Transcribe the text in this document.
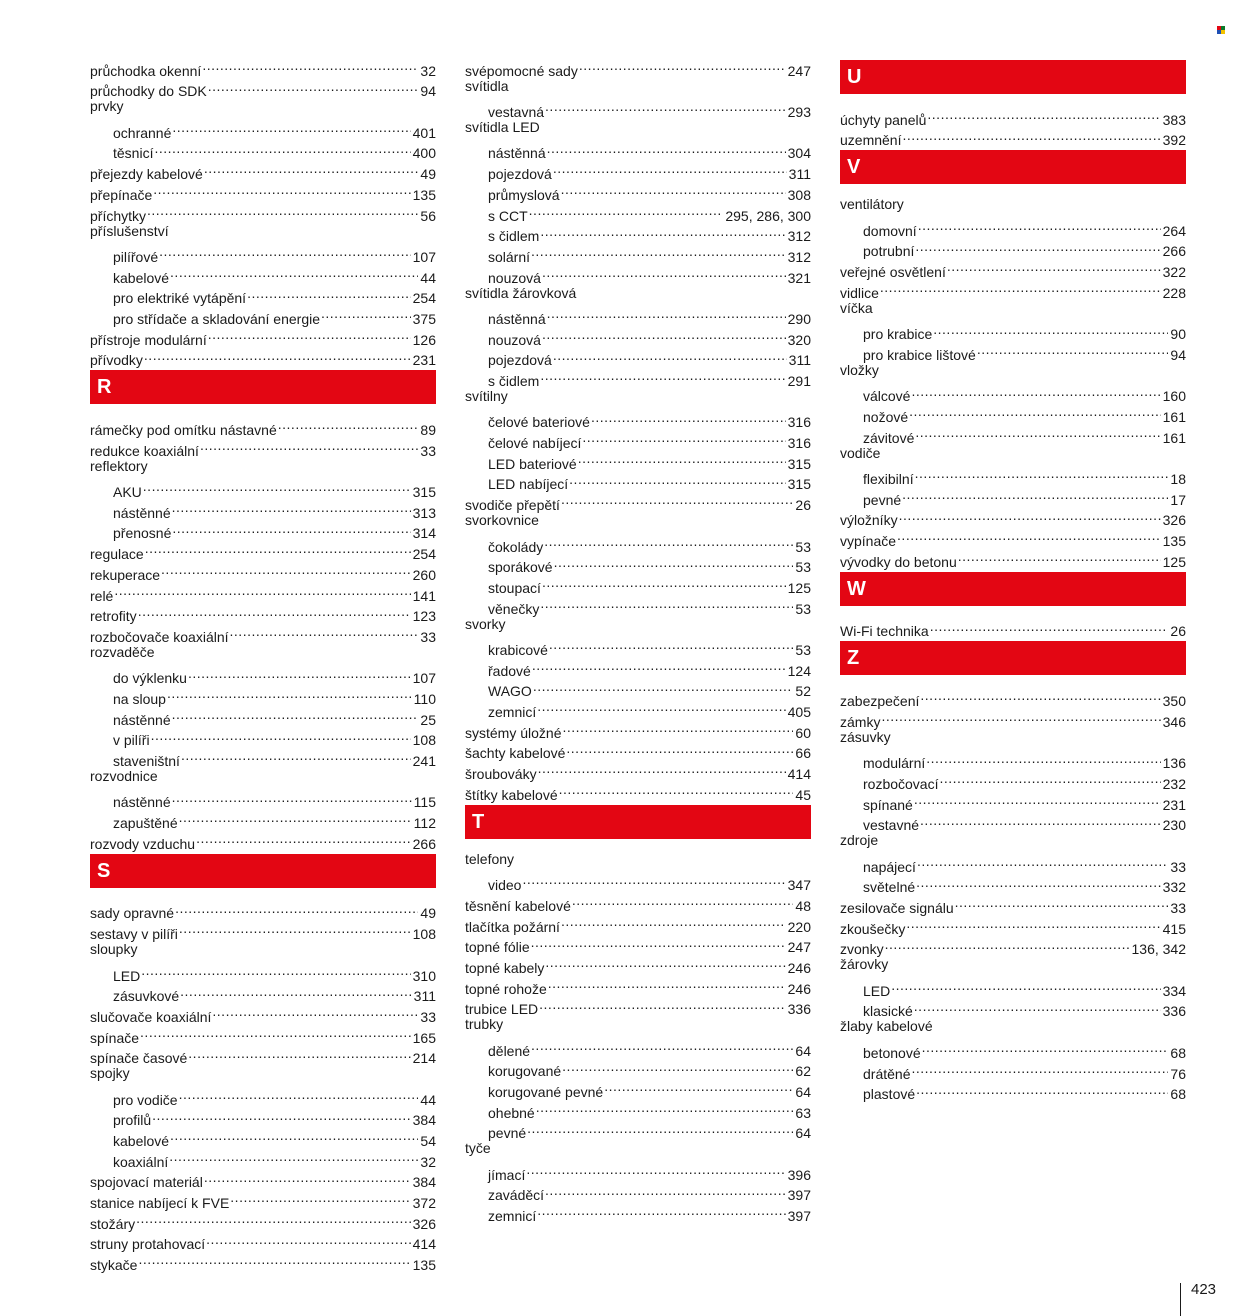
průchodka okenní .....	32
průchodky do SDK .....	94
prvky
ochranné .....	401
těsnicí .....	400
přejezdy kabelové .....	49
přepínače .....	135
příchytky .....	56
příslušenství
pilířové .....	107
kabelové .....	44
pro elektriké vytápění .....	254
pro střídače a skladování energie .....	375
přístroje modulární .....	126
přívodky .....	231
R
rámečky pod omítku nástavné .....	89
redukce koaxiální .....	33
reflektory
AKU .....	315
nástěnné .....	313
přenosné .....	314
regulace .....	254
rekuperace .....	260
relé .....	141
retrofity .....	123
rozbočovače koaxiální .....	33
rozvaděče
do výklenku .....	107
na sloup .....	110
nástěnné .....	25
v pilíři .....	108
staveništní .....	241
rozvodnice
nástěnné .....	115
zapuštěné .....	112
rozvody vzduchu .....	266
S
sady opravné .....	49
sestavy v pilíři .....	108
sloupky
LED .....	310
zásuvkové .....	311
slučovače koaxiální .....	33
spínače .....	165
spínače časové .....	214
spojky
pro vodiče .....	44
profilů .....	384
kabelové .....	54
koaxiální .....	32
spojovací materiál .....	384
stanice nabíjecí k FVE .....	372
stožáry .....	326
struny protahovací .....	414
stykače .....	135
svépomocné sady .....	247
svítidla
vestavná .....	293
svítidla LED
nástěnná .....	304
pojezdová .....	311
průmyslová .....	308
s CCT .....	295, 286, 300
s čidlem .....	312
solární .....	312
nouzová .....	321
svítidla žárovková
nástěnná .....	290
nouzová .....	320
pojezdová .....	311
s čidlem .....	291
svítilny
čelové bateriové .....	316
čelové nabíjecí .....	316
LED bateriové .....	315
LED nabíjecí .....	315
svodiče přepětí .....	26
svorkovnice
čokolády .....	53
sporákové .....	53
stoupací .....	125
věnečky .....	53
svorky
krabicové .....	53
řadové .....	124
WAGO .....	52
zemnicí .....	405
systémy úložné .....	60
šachty kabelové .....	66
šroubováky .....	414
štítky kabelové .....	45
T
telefony
video .....	347
těsnění kabelové .....	48
tlačítka požární .....	220
topné fólie .....	247
topné kabely .....	246
topné rohože .....	246
trubice LED .....	336
trubky
dělené .....	64
korugované .....	62
korugované pevné .....	64
ohebné .....	63
pevné .....	64
tyče
jímací .....	396
zaváděcí .....	397
zemnicí .....	397
U
úchyty panelů .....	383
uzemnění .....	392
V
ventilátory
domovní .....	264
potrubní .....	266
veřejné osvětlení .....	322
vidlice .....	228
víčka
pro krabice .....	90
pro krabice lištové .....	94
vložky
válcové .....	160
nožové .....	161
závitové .....	161
vodiče
flexibilní .....	18
pevné .....	17
výložníky .....	326
vypínače .....	135
vývodky do betonu .....	125
W
Wi-Fi technika .....	26
Z
zabezpečení .....	350
zámky .....	346
zásuvky
modulární .....	136
rozbočovací .....	232
spínané .....	231
vestavné .....	230
zdroje
napájecí .....	33
světelné .....	332
zesilovače signálu .....	33
zkoušečky .....	415
zvonky .....	136, 342
žárovky
LED .....	334
klasické .....	336
žlaby kabelové
betonové .....	68
drátěné .....	76
plastové .....	68
423
